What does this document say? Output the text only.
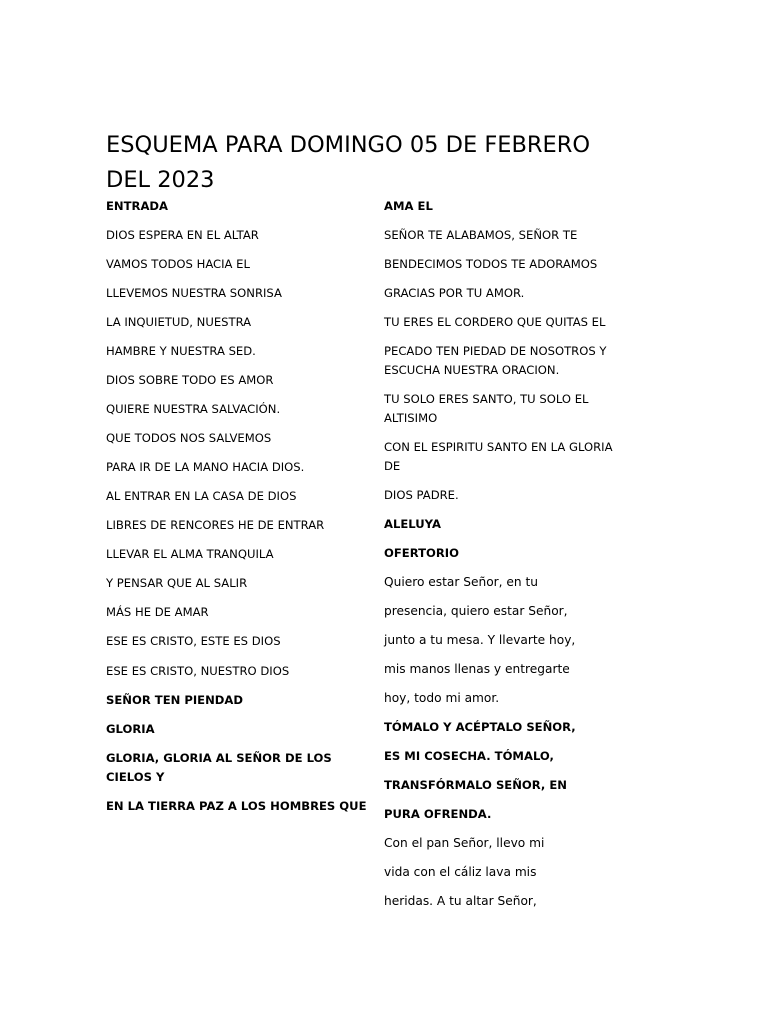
ESQUEMA PARA DOMINGO 05 DE FEBRERO DEL 2023
ENTRADA
DIOS ESPERA EN EL ALTAR
VAMOS TODOS HACIA EL
LLEVEMOS NUESTRA SONRISA
LA INQUIETUD, NUESTRA
HAMBRE Y NUESTRA SED.
DIOS SOBRE TODO ES AMOR
QUIERE NUESTRA SALVACIÓN.
QUE TODOS NOS SALVEMOS
PARA IR DE LA MANO HACIA DIOS.
AL ENTRAR EN LA CASA DE DIOS
LIBRES DE RENCORES HE DE ENTRAR
LLEVAR EL ALMA TRANQUILA
Y PENSAR QUE AL SALIR
MÁS HE DE AMAR
ESE ES CRISTO, ESTE ES DIOS
ESE ES CRISTO, NUESTRO DIOS
SEÑOR TEN PIENDAD
GLORIA
GLORIA, GLORIA AL SEÑOR DE LOS CIELOS Y
EN LA TIERRA PAZ A LOS HOMBRES QUE
AMA EL
SEÑOR TE ALABAMOS, SEÑOR TE
BENDECIMOS TODOS TE ADORAMOS
GRACIAS POR TU AMOR.
TU ERES EL CORDERO QUE QUITAS EL
PECADO TEN PIEDAD DE NOSOTROS Y ESCUCHA NUESTRA ORACION.
TU SOLO ERES SANTO, TU SOLO EL ALTISIMO
CON EL ESPIRITU SANTO EN LA GLORIA DE
DIOS PADRE.
ALELUYA
OFERTORIO
Quiero estar Señor, en tu
presencia, quiero estar Señor,
junto a tu mesa. Y llevarte hoy,
mis manos llenas y entregarte
hoy, todo mi amor.
TÓMALO Y ACÉPTALO SEÑOR,
ES MI COSECHA. TÓMALO,
TRANSFÓRMALO SEÑOR, EN
PURA OFRENDA.
Con el pan Señor, llevo mi
vida con el cáliz lava mis
heridas. A tu altar Señor,
